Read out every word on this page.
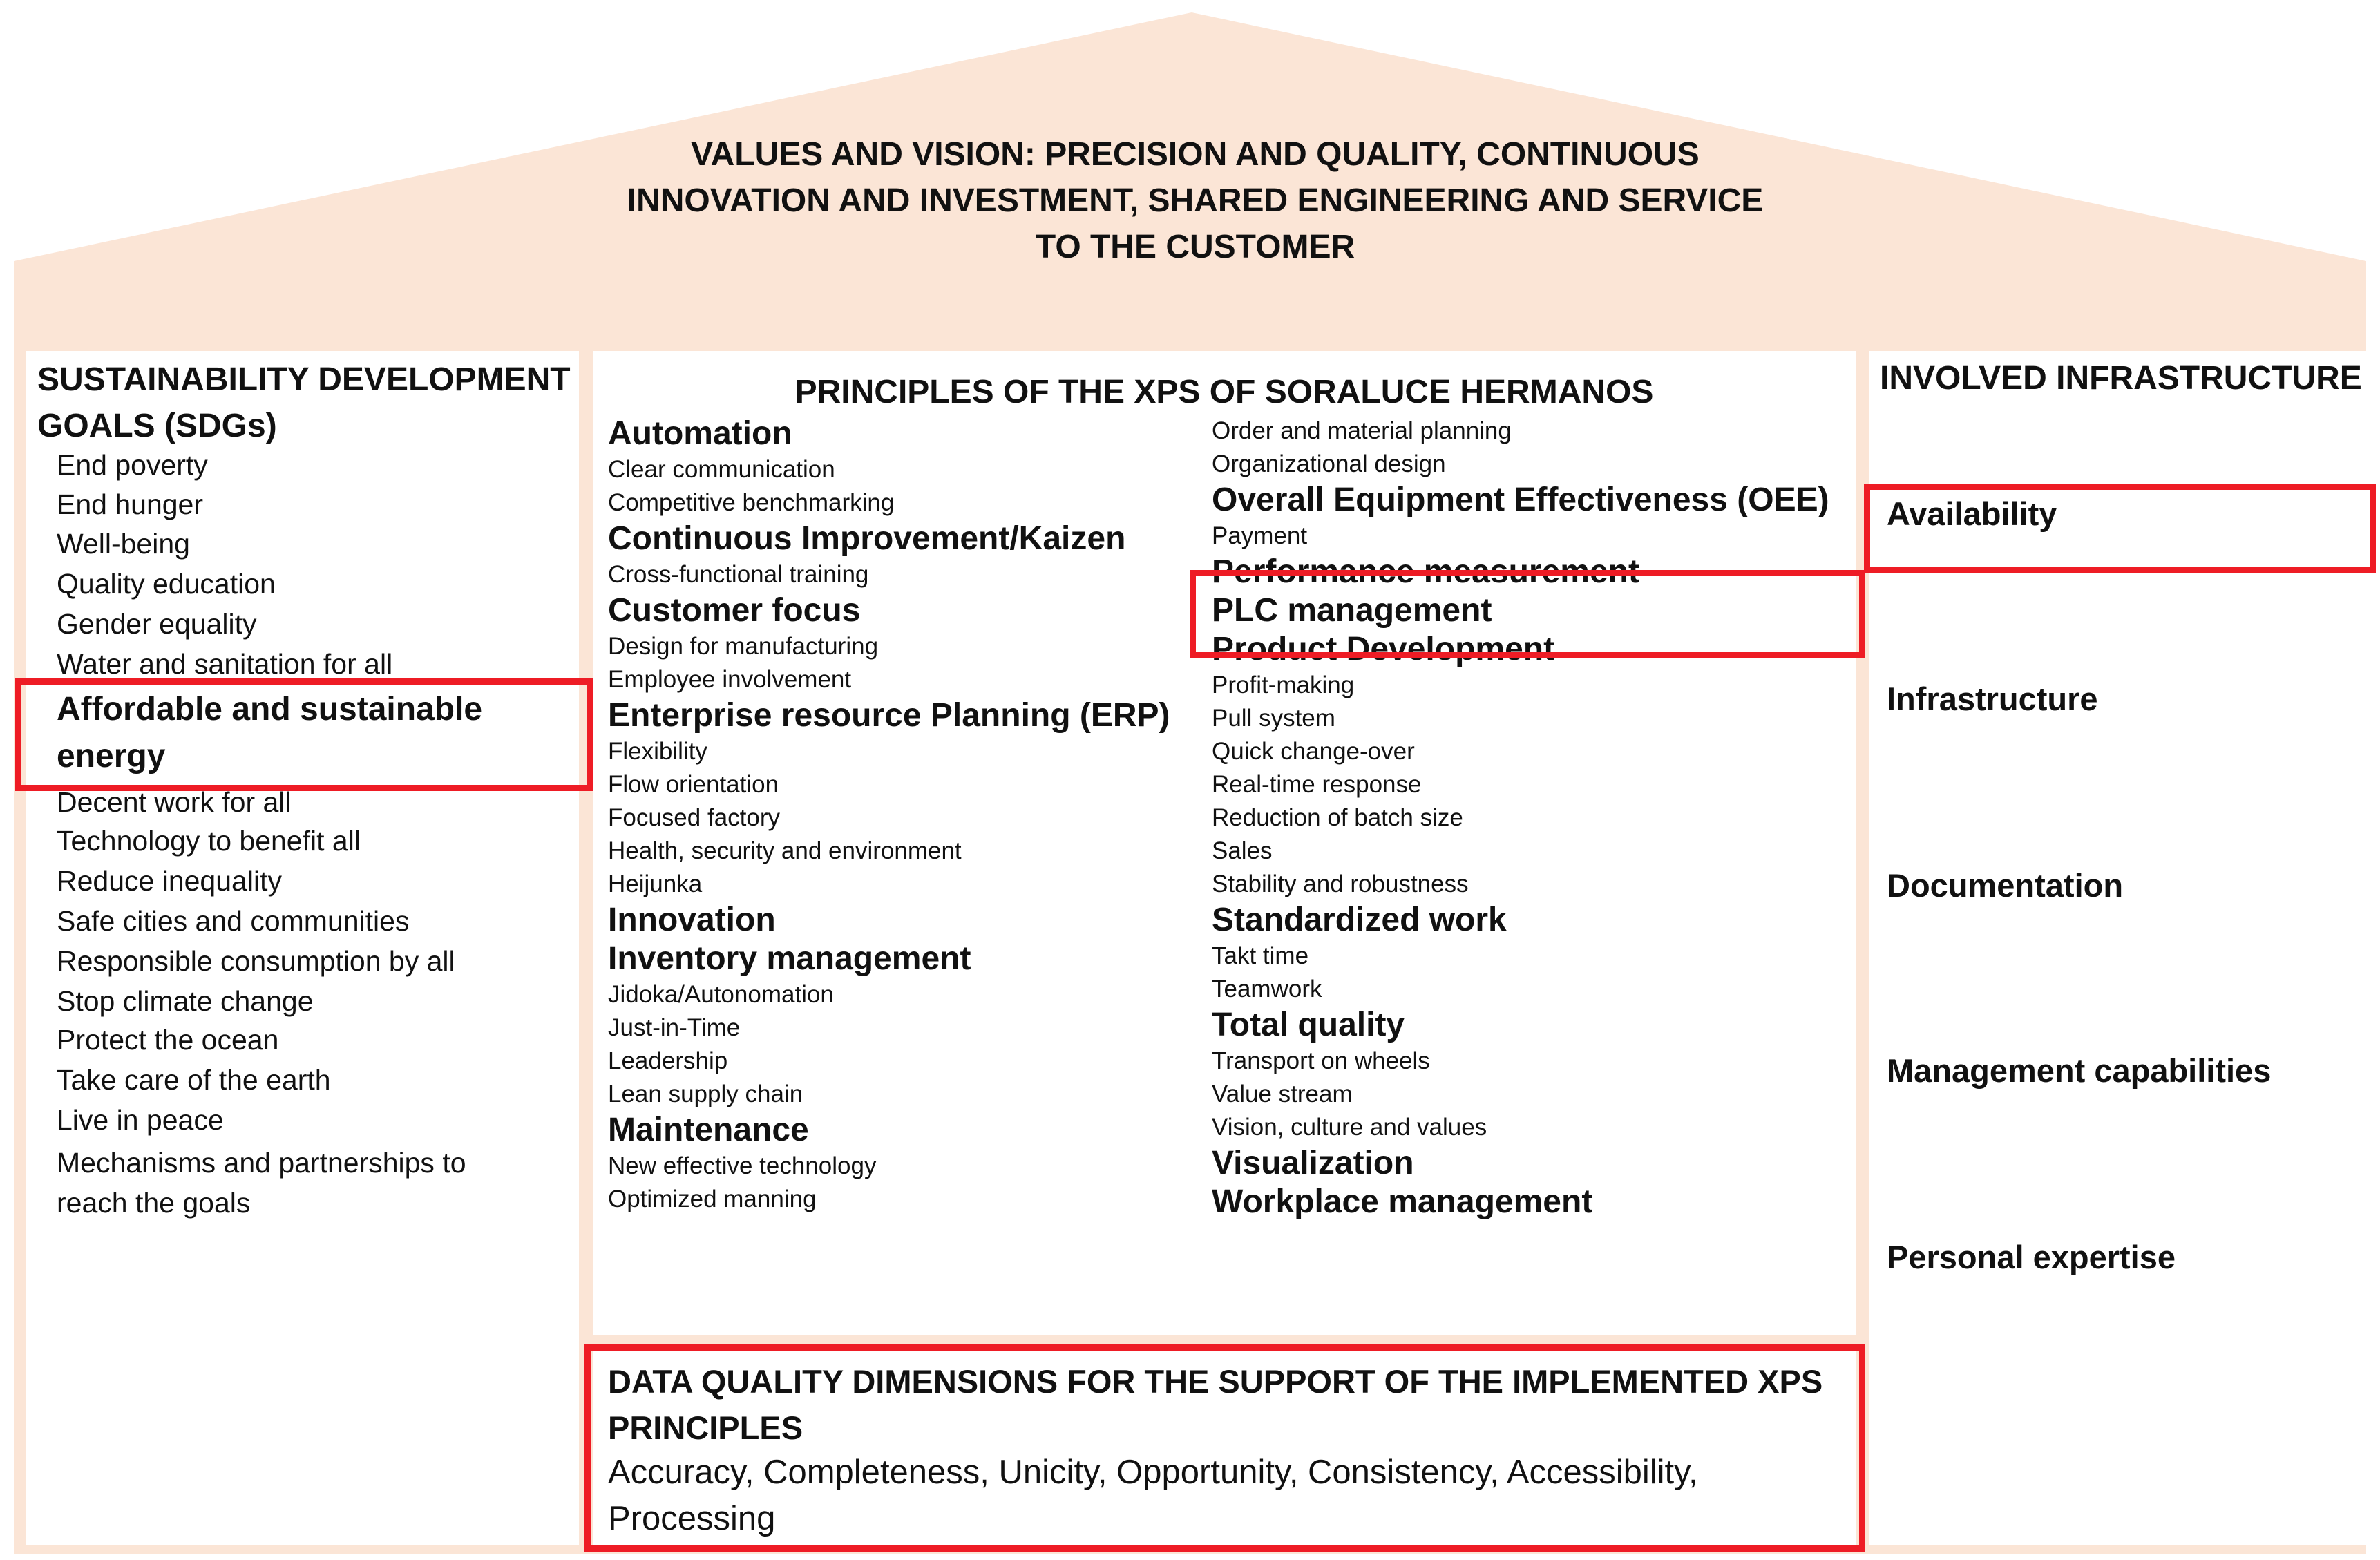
VALUES AND VISION: PRECISION AND QUALITY, CONTINUOUS
INNOVATION AND INVESTMENT, SHARED ENGINEERING AND SERVICE
TO THE CUSTOMER
SUSTAINABILITY DEVELOPMENT GOALS (SDGs)
End poverty
End hunger
Well-being
Quality education
Gender equality
Water and sanitation for all
Affordable and sustainable energy
Decent work for all
Technology to benefit all
Reduce inequality
Safe cities and communities
Responsible consumption by all
Stop climate change
Protect the ocean
Take care of the earth
Live in peace
Mechanisms and partnerships to reach the goals
PRINCIPLES OF THE XPS OF SORALUCE HERMANOS
Automation
Clear communication
Competitive benchmarking
Continuous Improvement/Kaizen
Cross-functional training
Customer focus
Design for manufacturing
Employee involvement
Enterprise resource Planning (ERP)
Flexibility
Flow orientation
Focused factory
Health, security and environment
Heijunka
Innovation
Inventory management
Jidoka/Autonomation
Just-in-Time
Leadership
Lean supply chain
Maintenance
New effective technology
Optimized manning
Order and material planning
Organizational design
Overall Equipment Effectiveness (OEE)
Payment
Performance measurement
PLC management
Product Development
Profit-making
Pull system
Quick change-over
Real-time response
Reduction of batch size
Sales
Stability and robustness
Standardized work
Takt time
Teamwork
Total quality
Transport on wheels
Value stream
Vision, culture and values
Visualization
Workplace management
INVOLVED INFRASTRUCTURE
Availability
Infrastructure
Documentation
Management capabilities
Personal expertise
DATA QUALITY DIMENSIONS FOR THE SUPPORT OF THE IMPLEMENTED XPS PRINCIPLES
Accuracy, Completeness, Unicity, Opportunity, Consistency, Accessibility, Processing
